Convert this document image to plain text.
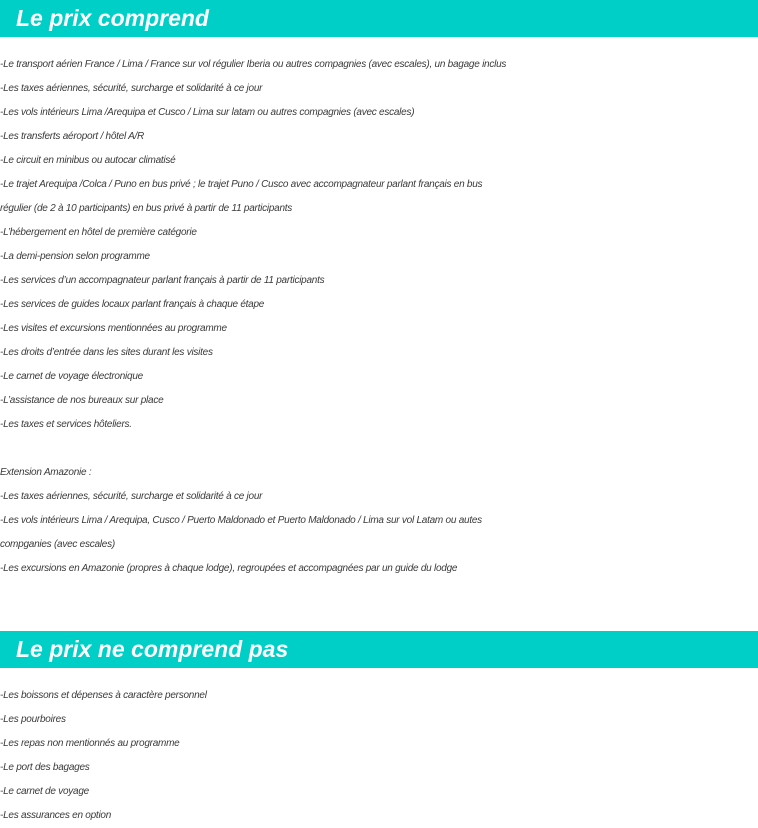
Le prix comprend
-Le transport aérien France / Lima / France sur vol régulier Iberia ou autres compagnies (avec escales), un bagage inclus
-Les taxes aériennes, sécurité, surcharge et solidarité à ce jour
-Les vols intérieurs Lima /Arequipa et Cusco / Lima sur latam ou autres compagnies (avec escales)
-Les transferts aéroport / hôtel A/R
-Le circuit en minibus ou autocar climatisé
-Le trajet Arequipa /Colca / Puno en bus privé ; le trajet Puno / Cusco avec accompagnateur parlant français en bus
régulier (de 2 à 10 participants) en bus privé à partir de 11 participants
-L’hébergement en hôtel de première catégorie
-La demi-pension selon programme
-Les services d’un accompagnateur parlant français à partir de 11 participants
-Les services de guides locaux parlant français à chaque étape
-Les visites et excursions mentionnées au programme
-Les droits d’entrée dans les sites durant les visites
-Le carnet de voyage électronique
-L’assistance de nos bureaux sur place
-Les taxes et services hôteliers.
Extension Amazonie :
-Les taxes aériennes, sécurité, surcharge et solidarité à ce jour
-Les vols intérieurs Lima / Arequipa, Cusco / Puerto Maldonado et Puerto Maldonado / Lima sur vol Latam ou autes
compganies (avec escales)
-Les excursions en Amazonie (propres à chaque lodge), regroupées et accompagnées par un guide du lodge
Le prix ne comprend pas
-Les boissons et dépenses à caractère personnel
-Les pourboires
-Les repas non mentionnés au programme
-Le port des bagages
-Le carnet de voyage
-Les assurances en option
